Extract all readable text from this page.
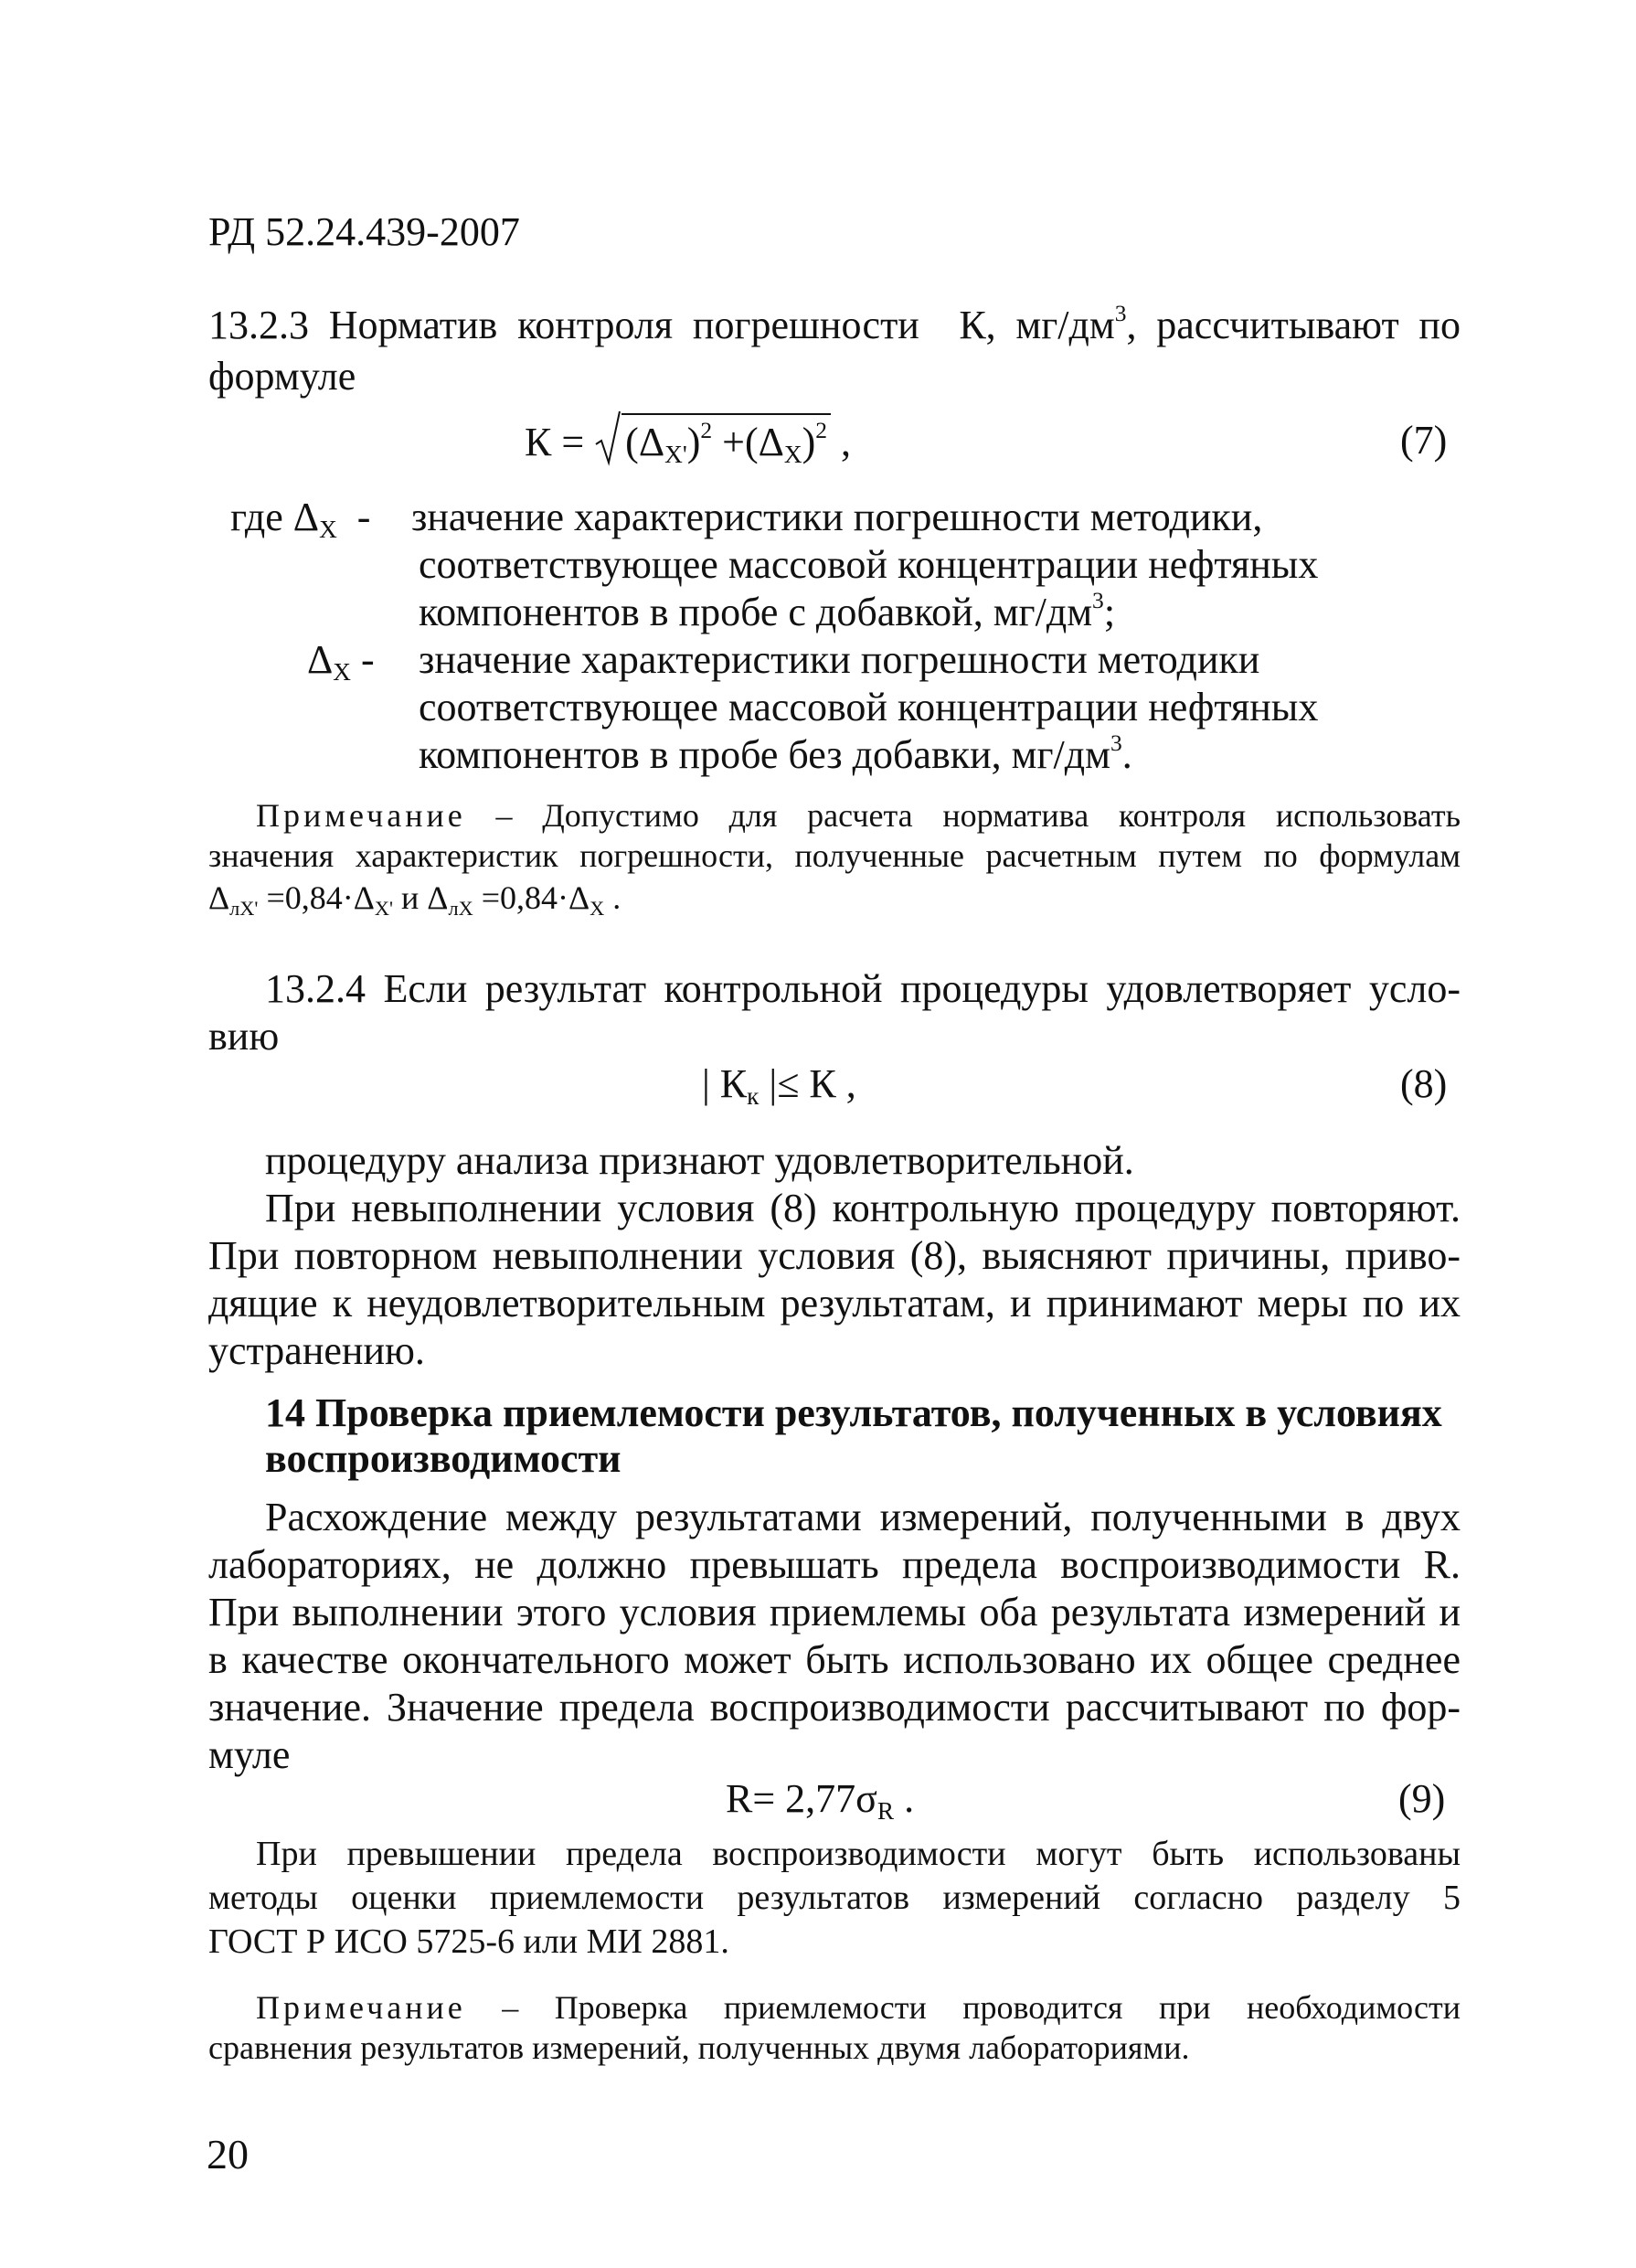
РД 52.24.439-2007
13.2.3 Норматив контроля погрешности К, $мг/дм^3$, рассчитывают по
формуле
$К = (\Delta_{X'})^2 +(\Delta_X)^2$ ,	(7)
где $\Delta_X$ - значение характеристики погрешности методики,
соответствующее массовой концентрации нефтяных
компонентов в пробе с добавкой, $мг/дм^3$;
$\Delta_X$ - значение характеристики погрешности методики
соответствующее массовой концентрации нефтяных
компонентов в пробе без добавки, $мг/дм^3$.
Примечание – Допустимо для расчета норматива контроля использовать
значения характеристик погрешности, полученные расчетным путем по формулам
$\Delta_{лX'} =0,84\cdot\Delta_{X'}$ и $\Delta_{лX} =0,84\cdot\Delta_X$ .
13.2.4 Если результат контрольной процедуры удовлетворяет усло-
вию
| $К_к$ |≤ К ,	(8)
процедуру анализа признают удовлетворительной.
При невыполнении условия (8) контрольную процедуру повторяют.
При повторном невыполнении условия (8), выясняют причины, приво-
дящие к неудовлетворительным результатам, и принимают меры по их
устранению.
14 Проверка приемлемости результатов, полученных в условиях
воспроизводимости
Расхождение между результатами измерений, полученными в двух
лабораториях, не должно превышать предела воспроизводимости R.
При выполнении этого условия приемлемы оба результата измерений и
в качестве окончательного может быть использовано их общее среднее
значение. Значение предела воспроизводимости рассчитывают по фор-
муле
$R= 2,77\sigma_R$ .	(9)
При превышении предела воспроизводимости могут быть использованы
методы оценки приемлемости результатов измерений согласно разделу 5
ГОСТ Р ИСО 5725-6 или МИ 2881.
Примечание – Проверка приемлемости проводится при необходимости
сравнения результатов измерений, полученных двумя лабораториями.
20
